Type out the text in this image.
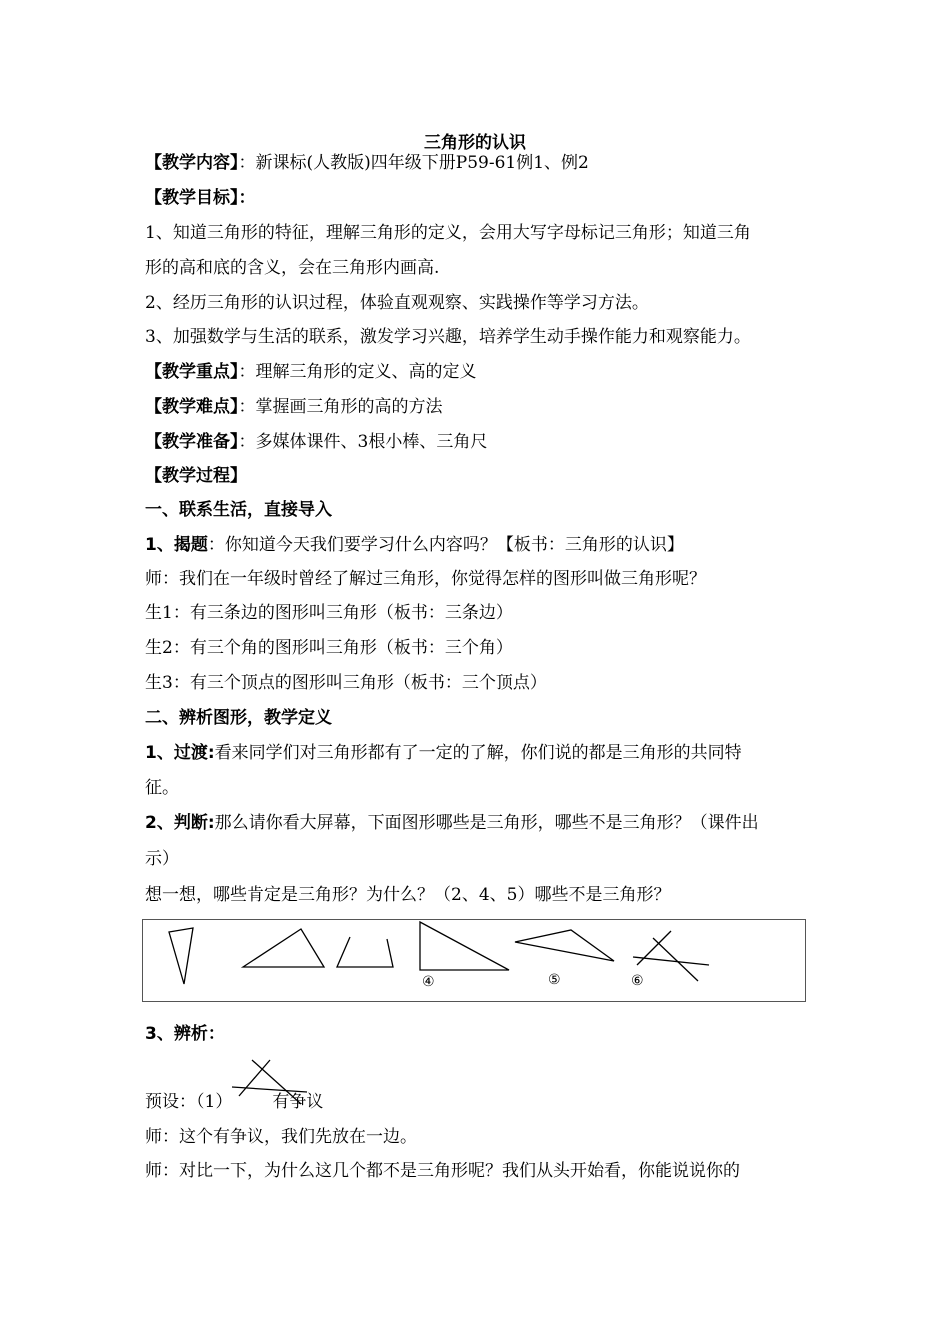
三角形的认识
【教学内容】：新课标(人教版)四年级下册P59-61例1、例2
【教学目标】：
1、知道三角形的特征，理解三角形的定义，会用大写字母标记三角形；知道三角
形的高和底的含义，会在三角形内画高.
2、经历三角形的认识过程，体验直观观察、实践操作等学习方法。
3、加强数学与生活的联系，激发学习兴趣，培养学生动手操作能力和观察能力。
【教学重点】：理解三角形的定义、高的定义
【教学难点】：掌握画三角形的高的方法
【教学准备】：多媒体课件、3根小棒、三角尺
【教学过程】
一、联系生活，直接导入
1、揭题：你知道今天我们要学习什么内容吗？【板书：三角形的认识】
师：我们在一年级时曾经了解过三角形，你觉得怎样的图形叫做三角形呢？
生1：有三条边的图形叫三角形（板书：三条边）
生2：有三个角的图形叫三角形（板书：三个角）
生3：有三个顶点的图形叫三角形（板书：三个顶点）
二、辨析图形，教学定义
1、过渡:看来同学们对三角形都有了一定的了解，你们说的都是三角形的共同特
征。
2、判断:那么请你看大屏幕，下面图形哪些是三角形，哪些不是三角形？（课件出
示）
想一想，哪些肯定是三角形？为什么？（2、4、5）哪些不是三角形？
④	⑤	⑥
3、辨析：
预设：（1） 有争议
师：这个有争议，我们先放在一边。
师：对比一下，为什么这几个都不是三角形呢？我们从头开始看，你能说说你的
